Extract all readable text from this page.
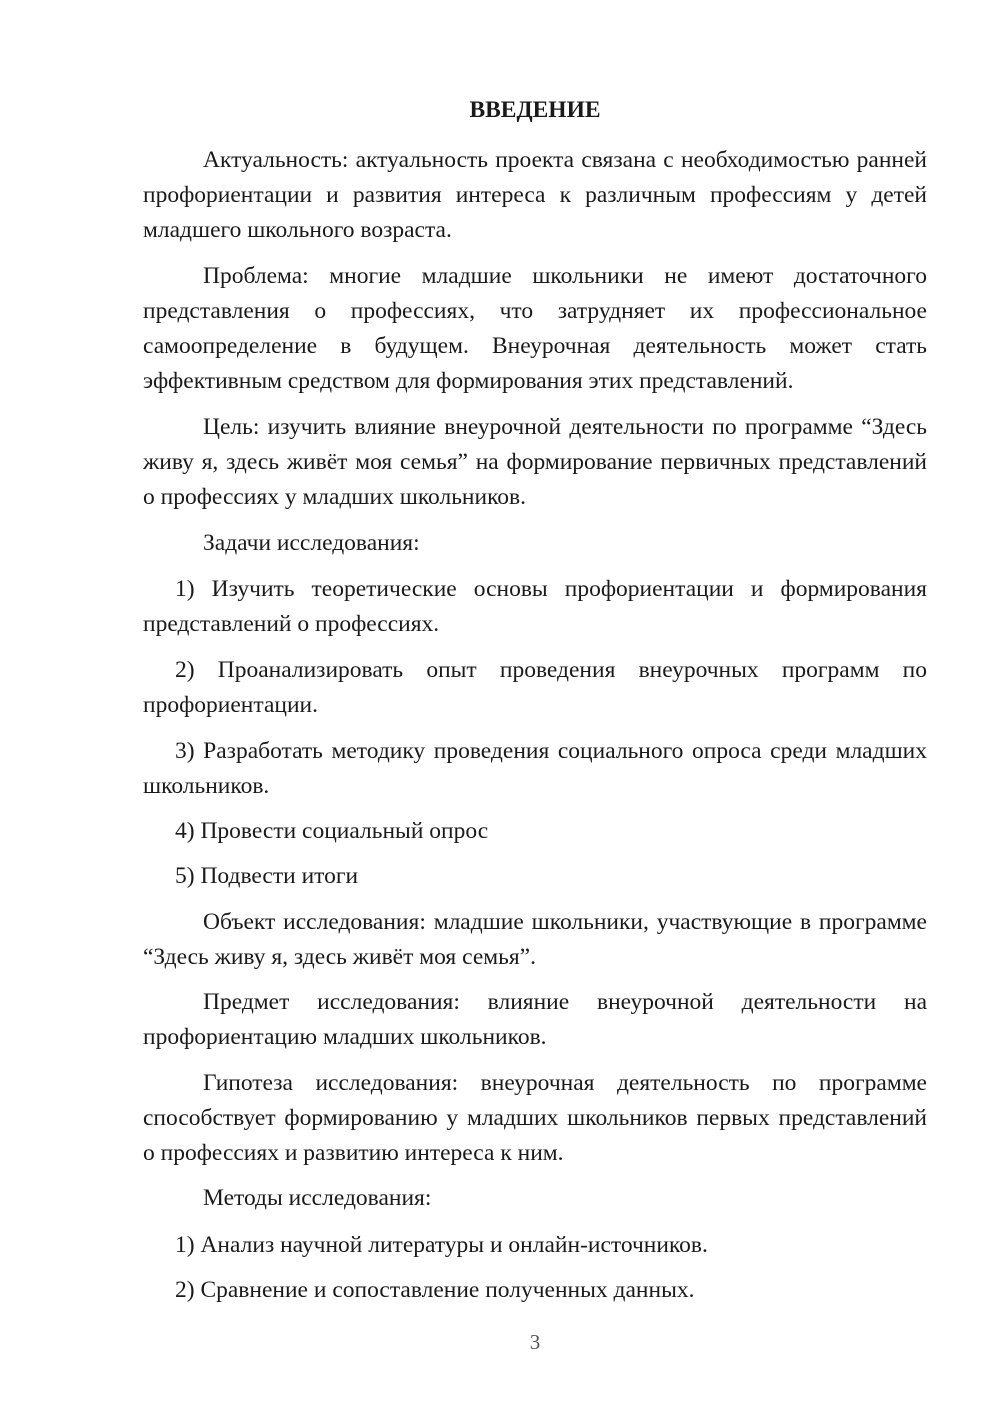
ВВЕДЕНИЕ

Актуальность: актуальность проекта связана с необходимостью ранней профориентации и развития интереса к различным профессиям у детей младшего школьного возраста.

Проблема: многие младшие школьники не имеют достаточного представления о профессиях, что затрудняет их профессиональное самоопределение в будущем. Внеурочная деятельность может стать эффективным средством для формирования этих представлений.

Цель: изучить влияние внеурочной деятельности по программе “Здесь живу я, здесь живёт моя семья” на формирование первичных представлений о профессиях у младших школьников.

Задачи исследования:

1) Изучить теоретические основы профориентации и формирования представлений о профессиях.

2) Проанализировать опыт проведения внеурочных программ по профориентации.

3) Разработать методику проведения социального опроса среди младших школьников.

4) Провести социальный опрос

5) Подвести итоги

Объект исследования: младшие школьники, участвующие в программе “Здесь живу я, здесь живёт моя семья”.

Предмет исследования: влияние внеурочной деятельности на профориентацию младших школьников.

Гипотеза исследования: внеурочная деятельность по программе способствует формированию у младших школьников первых представлений о профессиях и развитию интереса к ним.

Методы исследования:

1) Анализ научной литературы и онлайн-источников.

2) Сравнение и сопоставление полученных данных.

3
